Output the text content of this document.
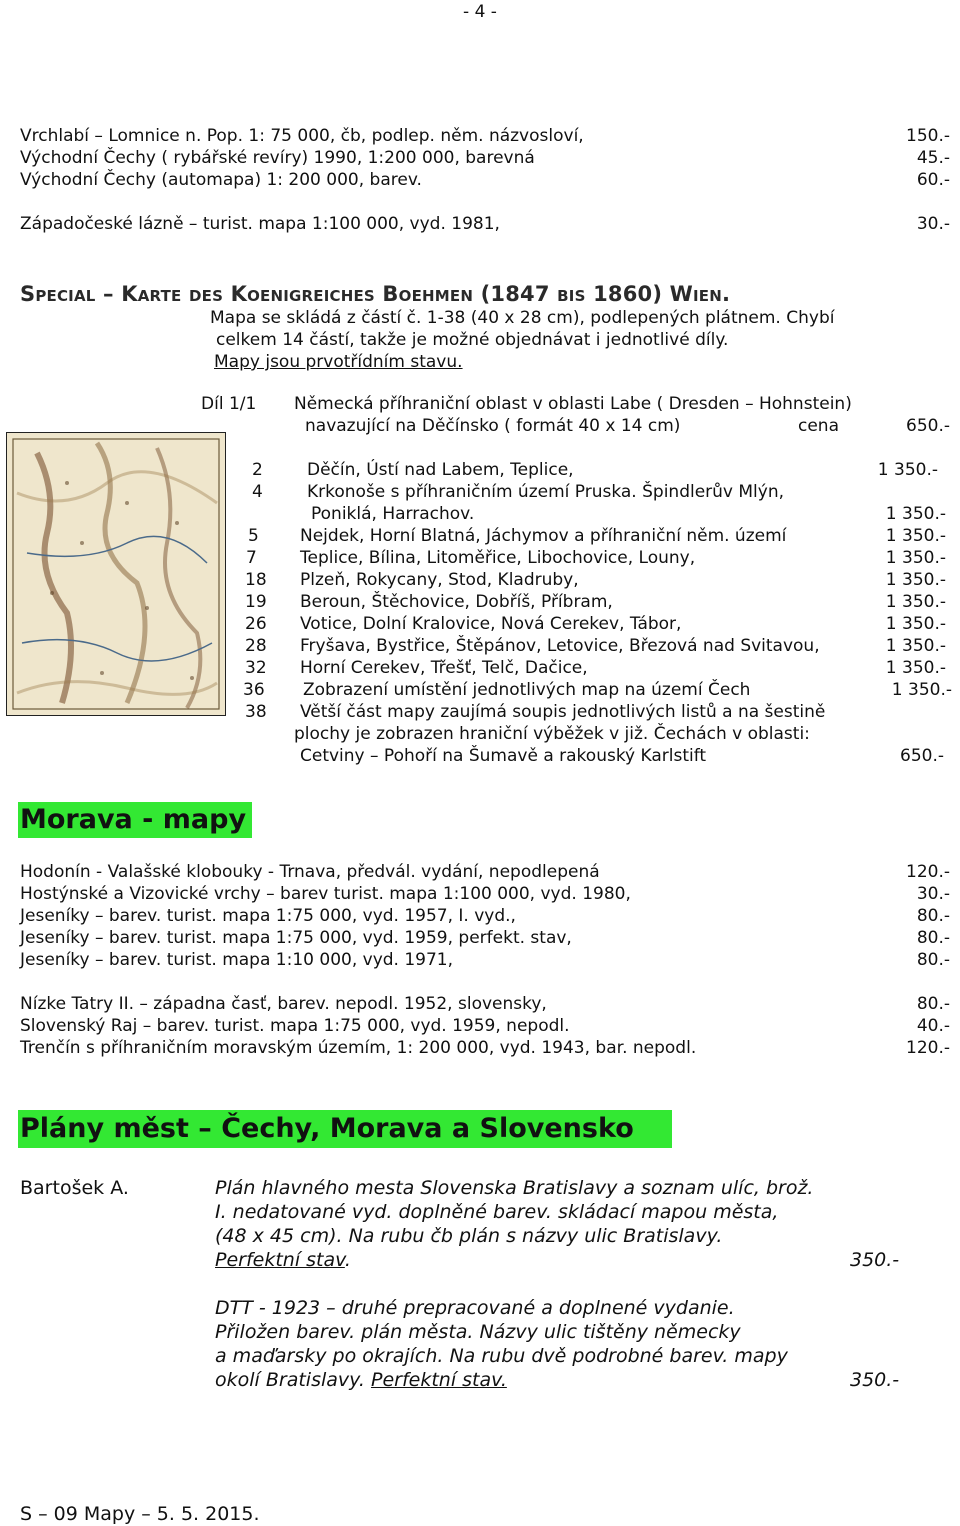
- 4 -
Vrchlabí – Lomnice n. Pop. 1: 75 000, čb, podlep. něm. názvosloví,	150.-
Východní Čechy ( rybářské revíry) 1990, 1:200 000, barevná	45.-
Východní Čechy (automapa) 1: 200 000, barev.	60.-
Západočeské lázně – turist. mapa 1:100 000, vyd. 1981,	30.-
Special – Karte des Koenigreiches Boehmen (1847 bis 1860) Wien.
Mapa se skládá z částí č. 1-38 (40 x 28 cm), podlepených plátnem. Chybí
celkem 14 částí, takže je možné objednávat i jednotlivé díly.
Mapy jsou prvotřídním stavu.
Díl 1/1 Německá příhraniční oblast v oblasti Labe ( Dresden – Hohnstein)
navazující na Děčínsko ( formát 40 x 14 cm)	cena	650.-
2	Děčín, Ústí nad Labem, Teplice,	1 350.-
4	Krkonoše s příhraničním území Pruska. Špindlerův Mlýn,
Poniklá, Harrachov.	1 350.-
5 Nejdek, Horní Blatná, Jáchymov a příhraniční něm. území	1 350.-
7	Teplice, Bílina, Litoměřice, Libochovice, Louny,	1 350.-
18 Plzeň, Rokycany, Stod, Kladruby,	1 350.-
19 Beroun, Štěchovice, Dobříš, Příbram,	1 350.-
26 Votice, Dolní Kralovice, Nová Cerekev, Tábor,	1 350.-
28 Fryšava, Bystřice, Štěpánov, Letovice, Březová nad Svitavou,	1 350.-
32 Horní Cerekev, Třešť, Telč, Dačice,	1 350.-
36 Zobrazení umístění jednotlivých map na území Čech	1 350.-
38 Větší část mapy zaujímá soupis jednotlivých listů a na šestině
plochy je zobrazen hraniční výběžek v již. Čechách v oblasti:
Cetviny – Pohoří na Šumavě a rakouský Karlstift	650.-
Morava - mapy
Hodonín - Valašské klobouky - Trnava, předvál. vydání, nepodlepená	120.-
Hostýnské a Vizovické vrchy – barev turist. mapa 1:100 000, vyd. 1980,	30.-
Jeseníky – barev. turist. mapa 1:75 000, vyd. 1957, I. vyd.,	80.-
Jeseníky – barev. turist. mapa 1:75 000, vyd. 1959, perfekt. stav,	80.-
Jeseníky – barev. turist. mapa 1:10 000, vyd. 1971,	80.-
Nízke Tatry II. – západna časť, barev. nepodl. 1952, slovensky,	80.-
Slovenský Raj – barev. turist. mapa 1:75 000, vyd. 1959, nepodl.	40.-
Trenčín s příhraničním moravským územím, 1: 200 000, vyd. 1943, bar. nepodl.	120.-
Plány měst – Čechy, Morava a Slovensko
Bartošek A.	Plán hlavného mesta Slovenska Bratislavy a soznam ulíc, brož.
I. nedatované vyd. doplněné barev. skládací mapou města,
(48 x 45 cm). Na rubu čb plán s názvy ulic Bratislavy.
Perfektní stav.	350.-
DTT - 1923 – druhé prepracované a doplnené vydanie.
Přiložen barev. plán města. Názvy ulic tištěny německy
a maďarsky po okrajích. Na rubu dvě podrobné barev. mapy
okolí Bratislavy. Perfektní stav.	350.-
S – 09 Mapy – 5. 5. 2015.
